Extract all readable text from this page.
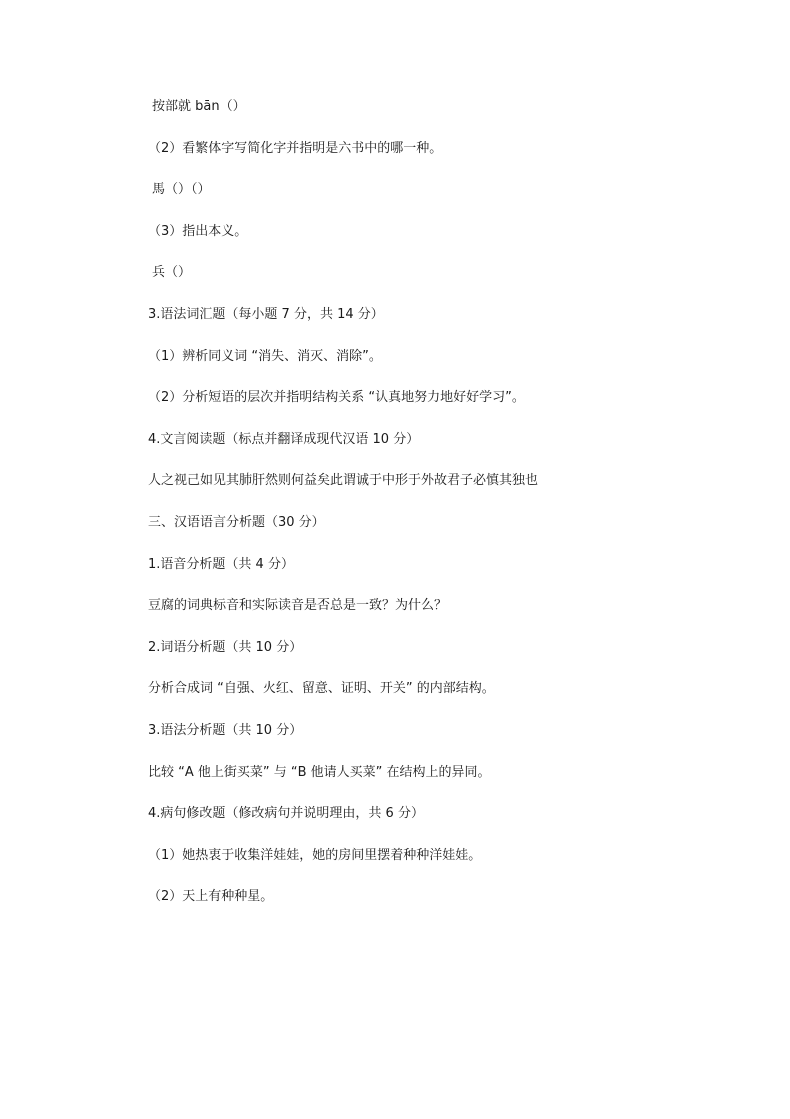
按部就 bān（）
（2）看繁体字写简化字并指明是六书中的哪一种。
馬（）（）
（3）指出本义。
兵（）
3.语法词汇题（每小题 7 分，共 14 分）
（1）辨析同义词 “消失、消灭、消除”。
（2）分析短语的层次并指明结构关系 “认真地努力地好好学习”。
4.文言阅读题（标点并翻译成现代汉语 10 分）
人之视己如见其肺肝然则何益矣此谓诚于中形于外故君子必慎其独也
三、汉语语言分析题（30 分）
1.语音分析题（共 4 分）
豆腐的词典标音和实际读音是否总是一致？为什么？
2.词语分析题（共 10 分）
分析合成词 “自强、火红、留意、证明、开关” 的内部结构。
3.语法分析题（共 10 分）
比较 “A 他上街买菜” 与 “B 他请人买菜” 在结构上的异同。
4.病句修改题（修改病句并说明理由，共 6 分）
（1）她热衷于收集洋娃娃，她的房间里摆着种种洋娃娃。
（2）天上有种种星。
